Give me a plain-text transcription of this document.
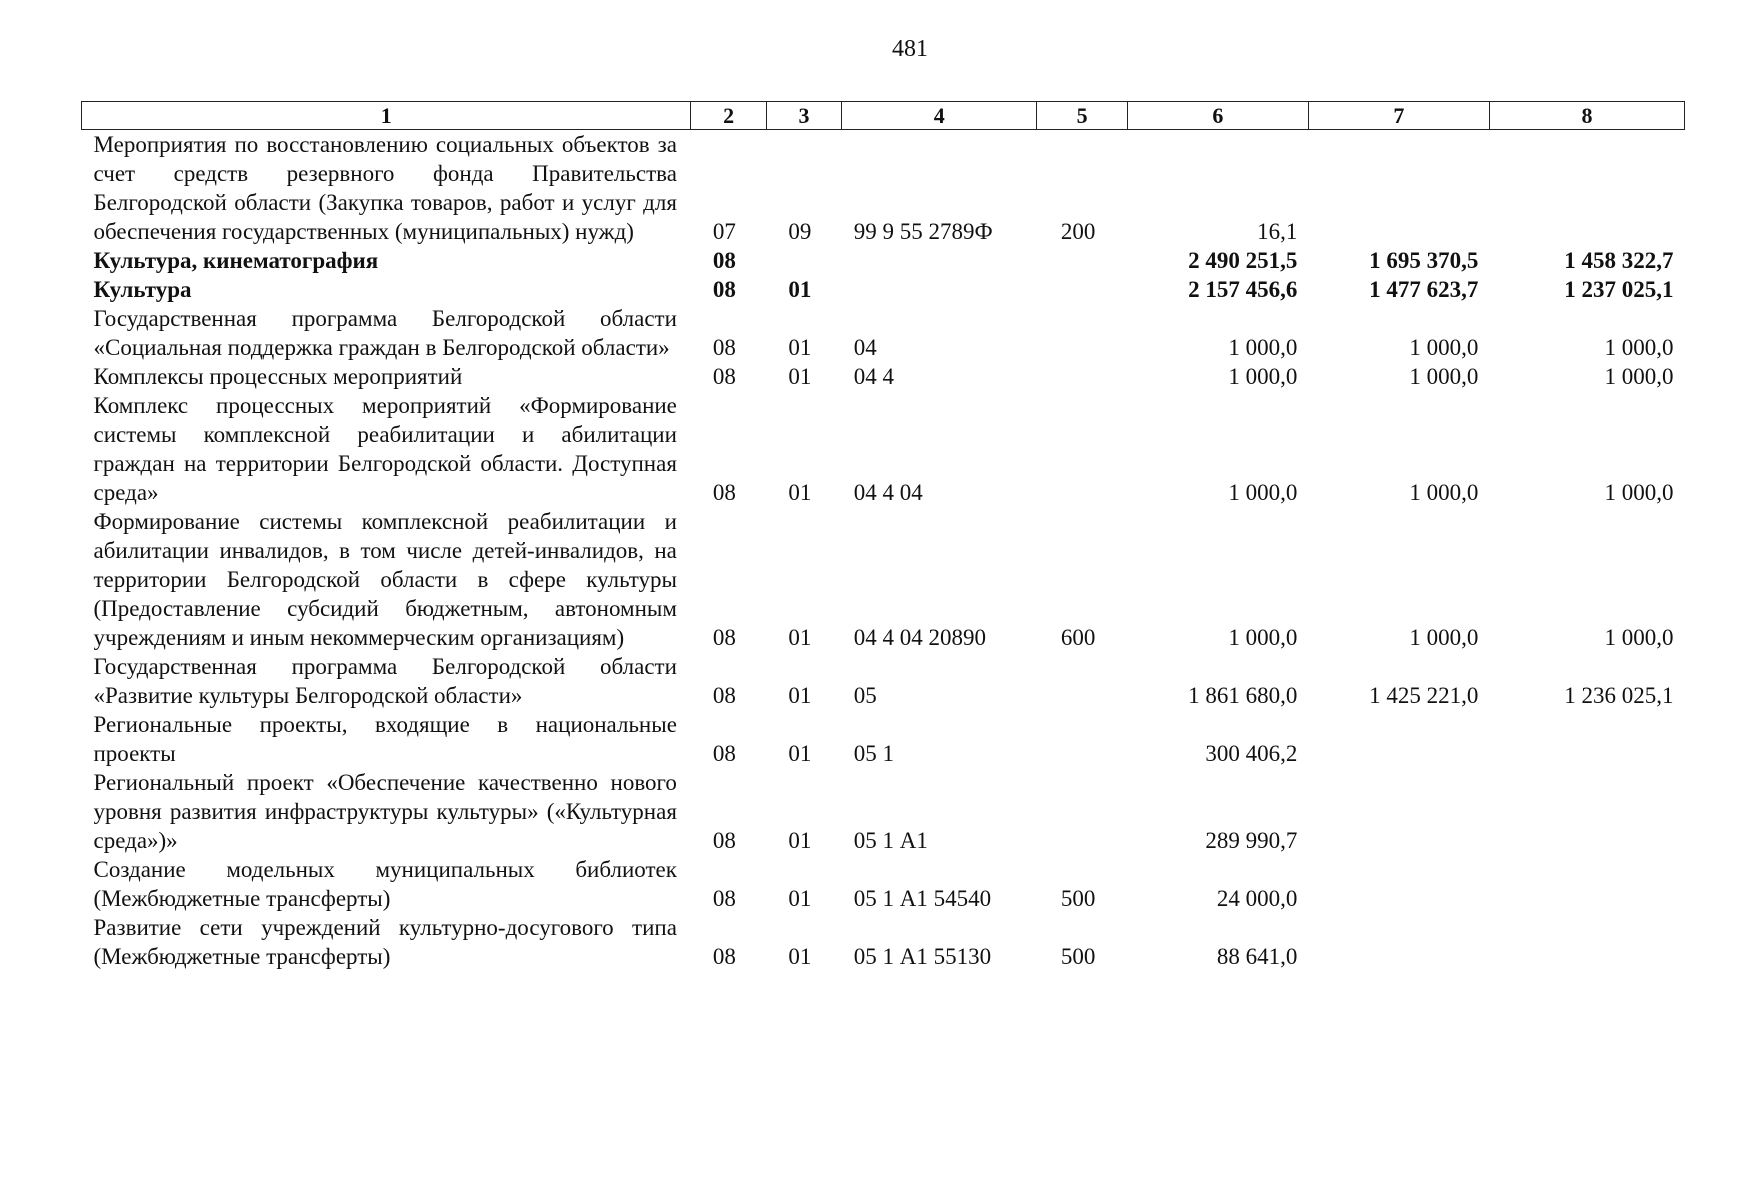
481
1	2	3	4	5	6	7	8
Мероприятия по восстановлению социальных объектов за счет средств резервного фонда Правительства Белгородской области (Закупка товаров, работ и услуг для обеспечения государственных (муниципальных) нужд)	07	09	99 9 55 2789Ф	200	16,1		
Культура, кинематография	08				2 490 251,5	1 695 370,5	1 458 322,7
Культура	08	01			2 157 456,6	1 477 623,7	1 237 025,1
Государственная программа Белгородской области «Социальная поддержка граждан в Белгородской области»	08	01	04		1 000,0	1 000,0	1 000,0
Комплексы процессных мероприятий	08	01	04 4		1 000,0	1 000,0	1 000,0
Комплекс процессных мероприятий «Формирование системы комплексной реабилитации и абилитации граждан на территории Белгородской области. Доступная среда»	08	01	04 4 04		1 000,0	1 000,0	1 000,0
Формирование системы комплексной реабилитации и абилитации инвалидов, в том числе детей-инвалидов, на территории Белгородской области в сфере культуры (Предоставление субсидий бюджетным, автономным учреждениям и иным некоммерческим организациям)	08	01	04 4 04 20890	600	1 000,0	1 000,0	1 000,0
Государственная программа Белгородской области «Развитие культуры Белгородской области»	08	01	05		1 861 680,0	1 425 221,0	1 236 025,1
Региональные проекты, входящие в национальные проекты	08	01	05 1		300 406,2		
Региональный проект «Обеспечение качественно нового уровня развития инфраструктуры культуры» («Культурная среда»)»	08	01	05 1 А1		289 990,7		
Создание модельных муниципальных библиотек (Межбюджетные трансферты)	08	01	05 1 А1 54540	500	24 000,0		
Развитие сети учреждений культурно-досугового типа (Межбюджетные трансферты)	08	01	05 1 А1 55130	500	88 641,0		
